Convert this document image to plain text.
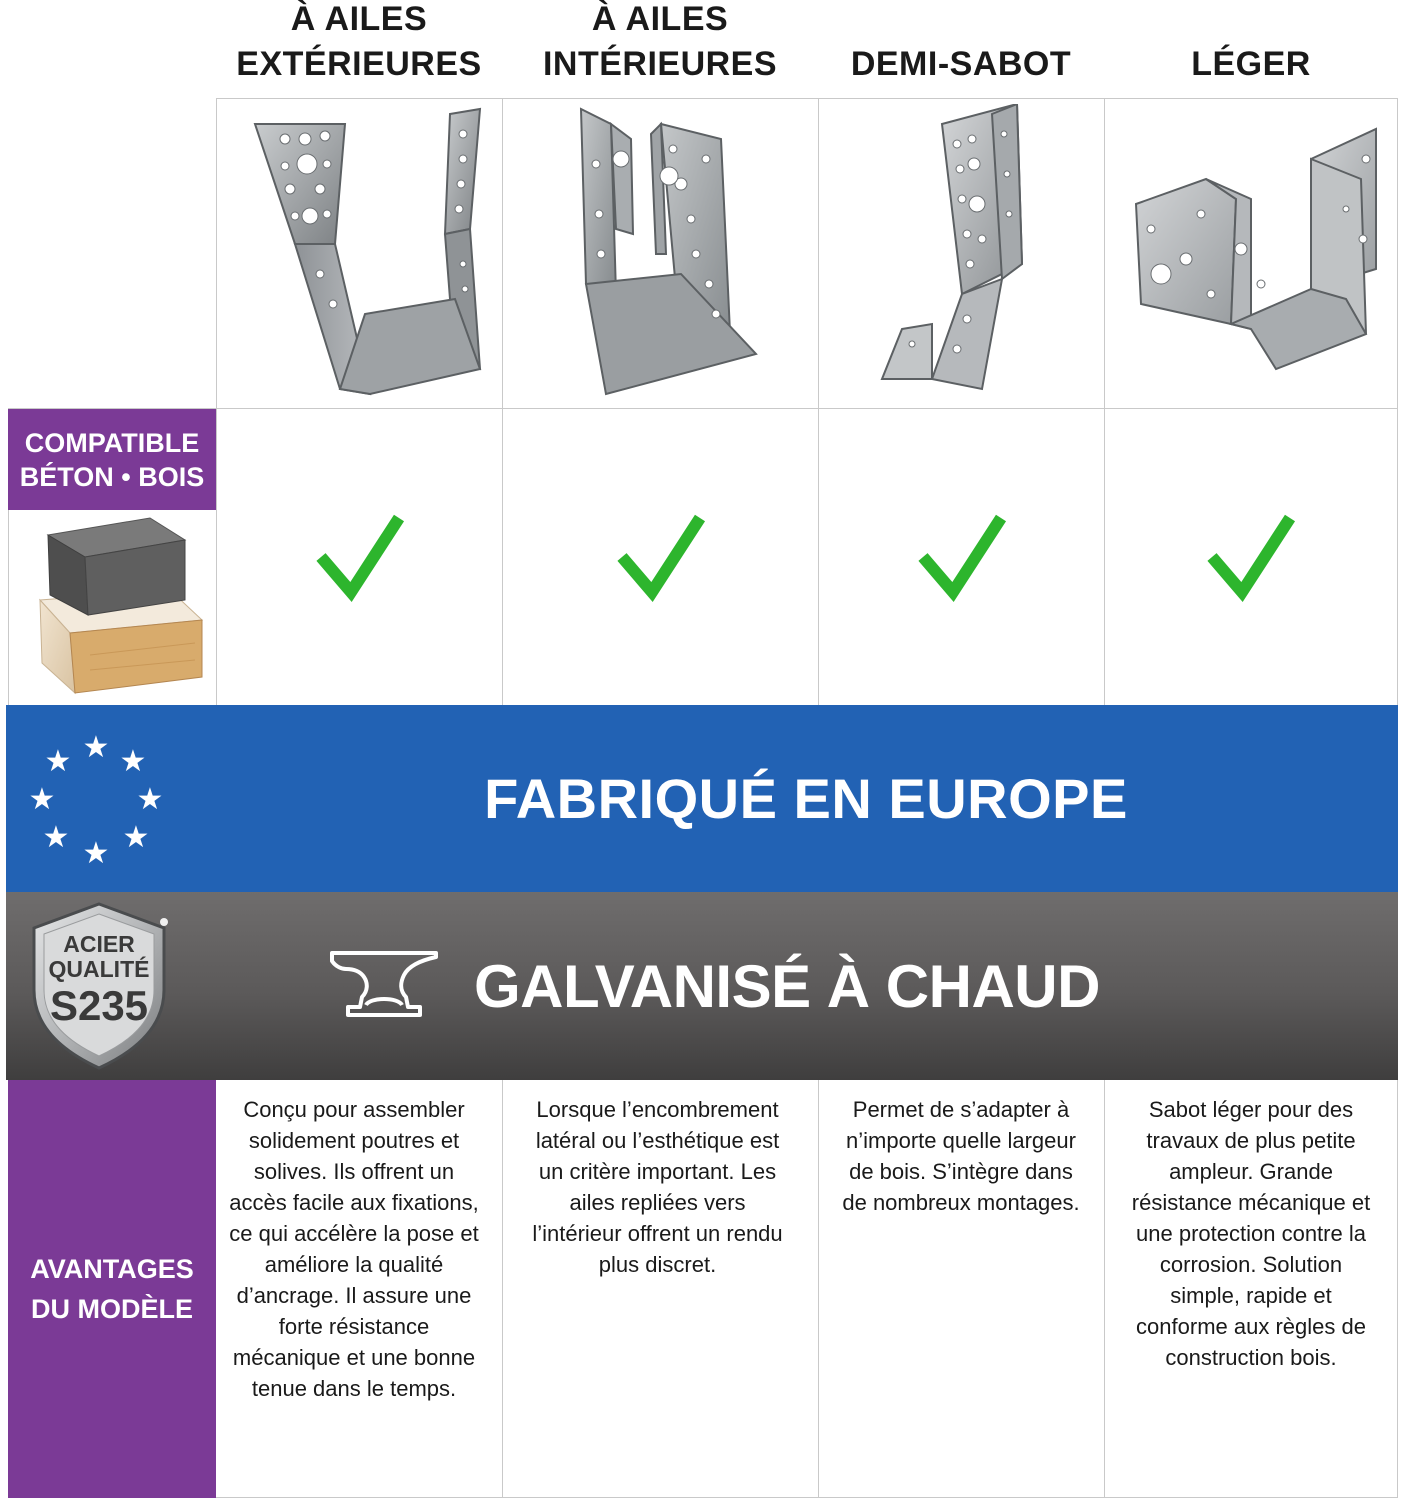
À AILES
EXTÉRIEURES
À AILES
INTÉRIEURES DEMI-SABOT	LÉGER
COMPATIBLE
BÉTON • BOIS
★ ★
★
★
★
★
★
★
FABRIQUÉ EN EUROPE
ACIER
QUALITÉ
S235	GALVANISÉ À CHAUD
AVANTAGES
DU MODÈLE
Conçu pour assembler solidement poutres et solives. Ils offrent un accès facile aux fixations, ce qui accélère la pose et améliore la qualité d’ancrage. Il assure une forte résistance mécanique et une bonne tenue dans le temps.
Lorsque l’encombrement latéral ou l’esthétique est un critère important. Les ailes repliées vers l’intérieur offrent un rendu plus discret.
Permet de s’adapter à n’importe quelle largeur de bois. S’intègre dans de nombreux montages.
Sabot léger pour des travaux de plus petite ampleur. Grande résistance mécanique et une protection contre la corrosion. Solution simple, rapide et conforme aux règles de construction bois.
